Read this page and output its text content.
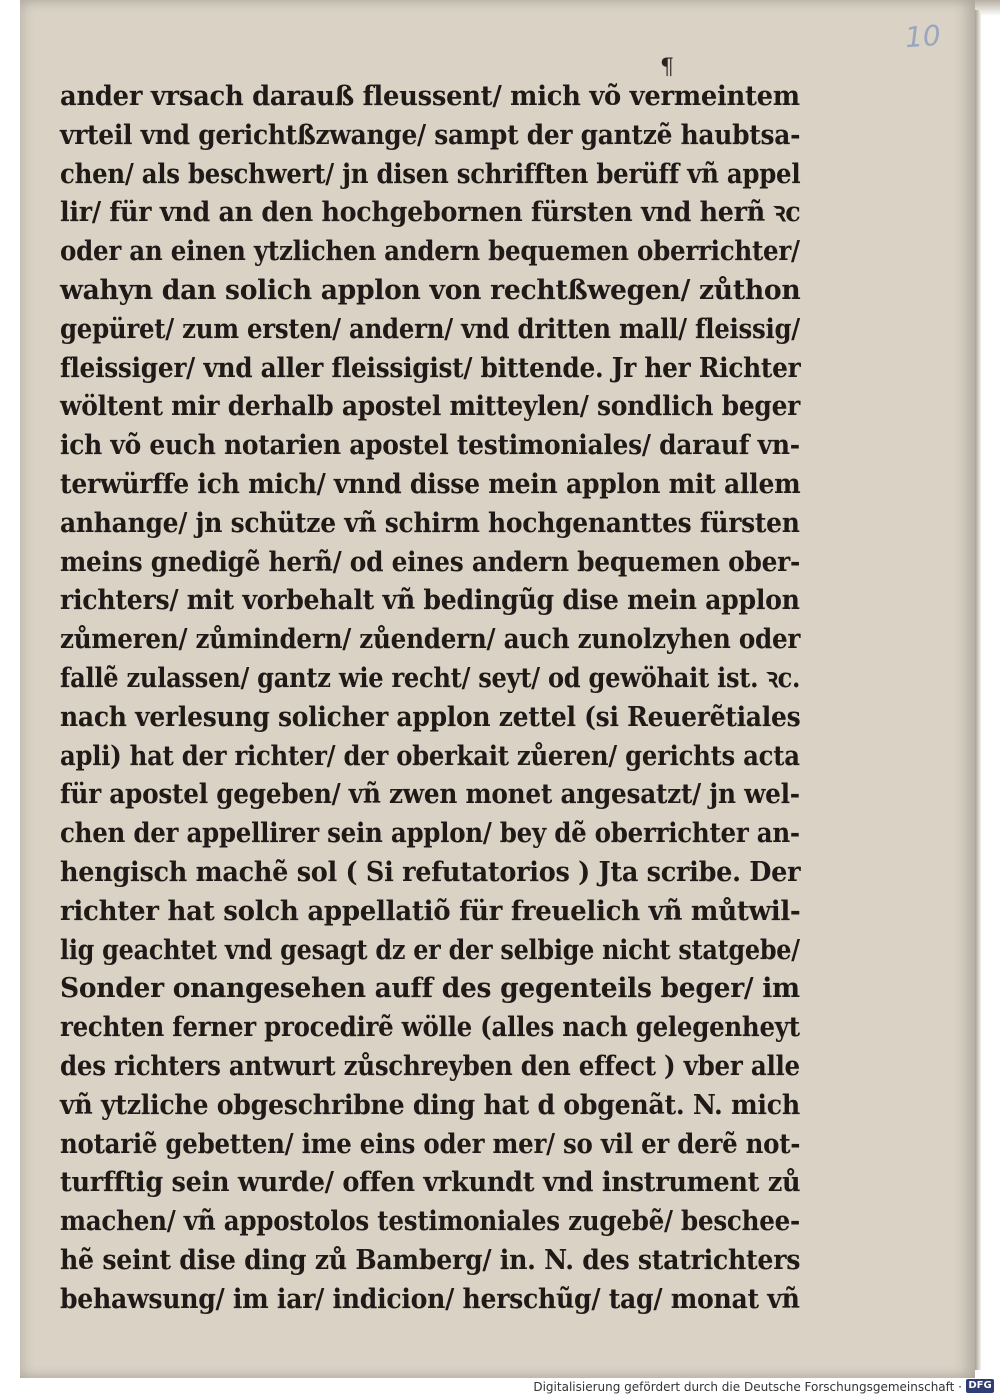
10
¶
ander vrsach darauß fleussent/ mich võ vermeintem
vrteil vnd gerichtßzwange/ sampt der gantzẽ haubtsa-
chen/ als beschwert/ jn disen schrifften berüff vñ appel
lir/ für vnd an den hochgebornen fürsten vnd herñ ꝛc
oder an einen ytzlichen andern bequemen oberrichter/
wahyn dan solich applon von rechtßwegen/ zůthon
gepüret/ zum ersten/ andern/ vnd dritten mall/ fleissig/
fleissiger/ vnd aller fleissigist/ bittende. Jr her Richter
wöltent mir derhalb apostel mitteylen/ sondlich beger
ich võ euch notarien apostel testimoniales/ darauf vn-
terwürffe ich mich/ vnnd disse mein applon mit allem
anhange/ jn schütze vñ schirm hochgenanttes fürsten
meins gnedigẽ herñ/ od eines andern bequemen ober-
richters/ mit vorbehalt vñ bedingũg dise mein applon
zůmeren/ zůmindern/ zůendern/ auch zunolzyhen oder
fallẽ zulassen/ gantz wie recht/ seyt/ od gewöhait ist. ꝛc.
nach verlesung solicher applon zettel (si Reuerẽtiales
apli) hat der richter/ der oberkait zůeren/ gerichts acta
für apostel gegeben/ vñ zwen monet angesatzt/ jn wel-
chen der appellirer sein applon/ bey dẽ oberrichter an-
hengisch machẽ sol ( Si refutatorios ) Jta scribe. Der
richter hat solch appellatiõ für freuelich vñ můtwil-
lig geachtet vnd gesagt dz er der selbige nicht statgebe/
Sonder onangesehen auff des gegenteils beger/ im
rechten ferner procedirẽ wölle (alles nach gelegenheyt
des richters antwurt zůschreyben den effect ) vber alle
vñ ytzliche obgeschribne ding hat d obgenãt. N. mich
notariẽ gebetten/ ime eins oder mer/ so vil er derẽ not-
turfftig sein wurde/ offen vrkundt vnd instrument zů
machen/ vñ appostolos testimoniales zugebẽ/ beschee-
hẽ seint dise ding zů Bamberg/ in. N. des statrichters
behawsung/ im iar/ indicion/ herschũg/ tag/ monat vñ
Digitalisierung gefördert durch die Deutsche Forschungsgemeinschaft · DFG
